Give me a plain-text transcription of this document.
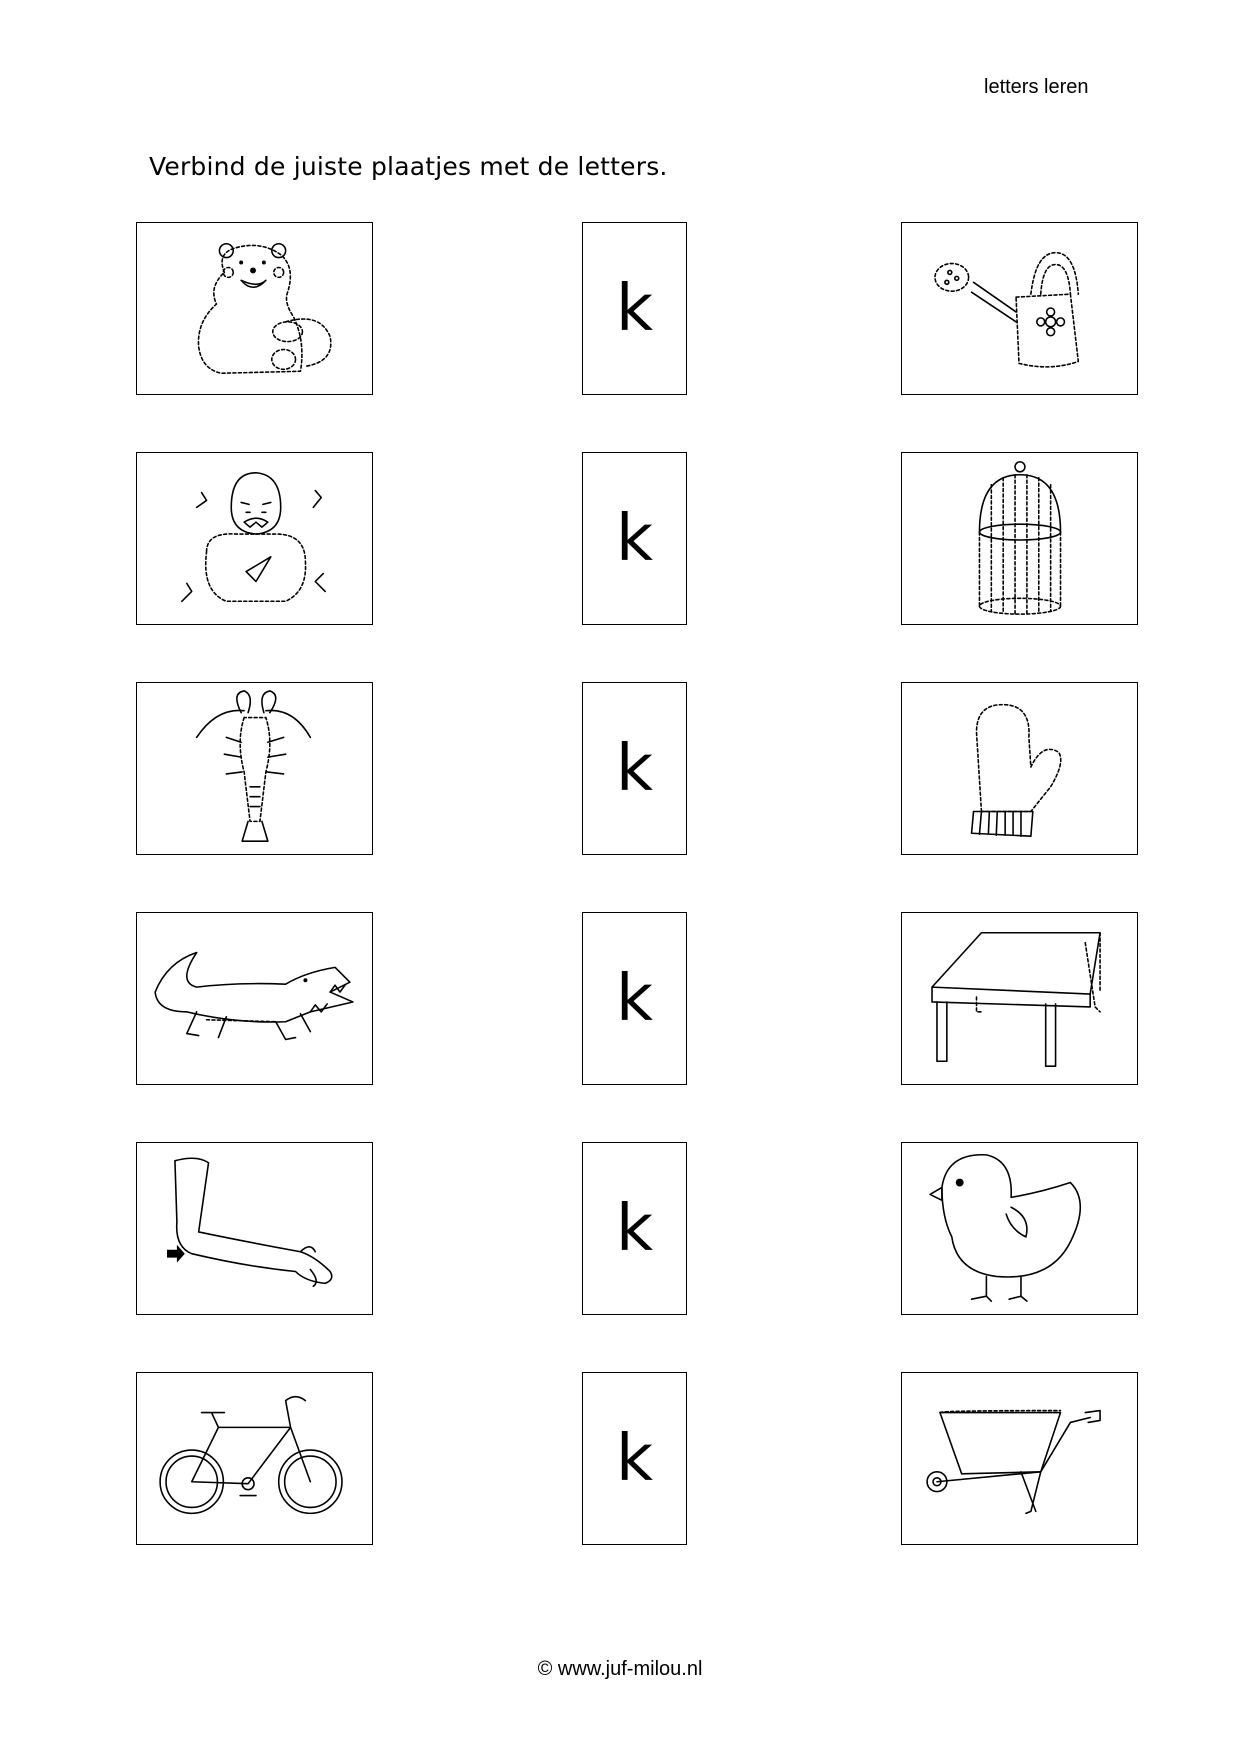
letters leren
Verbind de juiste plaatjes met de letters.
k
k
k
k
k
k
© www.juf-milou.nl
